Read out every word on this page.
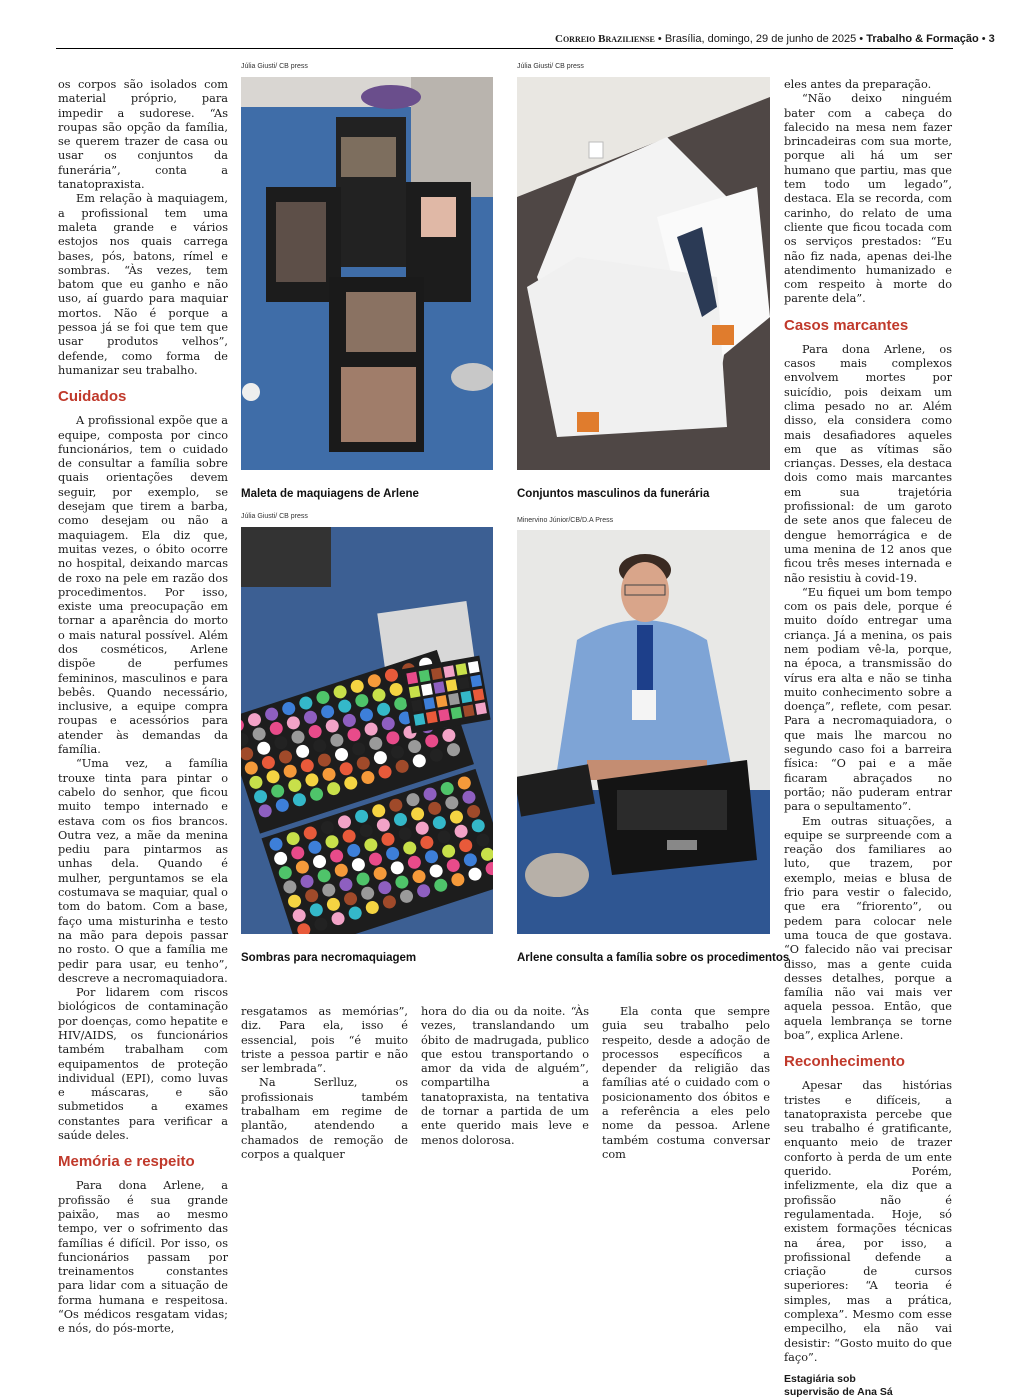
Correio Braziliense • Brasília, domingo, 29 de junho de 2025 • Trabalho & Formação • 3

os corpos são isolados com material próprio, para impedir a sudorese. “As roupas são opção da família, se querem trazer de casa ou usar os conjuntos da funerária”, conta a tanatopraxista.

Em relação à maquiagem, a profissional tem uma maleta grande e vários estojos nos quais carrega bases, pós, batons, rímel e sombras. “Às vezes, tem batom que eu ganho e não uso, aí guardo para maquiar mortos. Não é porque a pessoa já se foi que tem que usar produtos velhos”, defende, como forma de humanizar seu trabalho.

Cuidados

A profissional expõe que a equipe, composta por cinco funcionários, tem o cuidado de consultar a família sobre quais orientações devem seguir, por exemplo, se desejam que tirem a barba, como desejam ou não a maquiagem. Ela diz que, muitas vezes, o óbito ocorre no hospital, deixando marcas de roxo na pele em razão dos procedimentos. Por isso, existe uma preocupação em tornar a aparência do morto o mais natural possível. Além dos cosméticos, Arlene dispõe de perfumes femininos, masculinos e para bebês. Quando necessário, inclusive, a equipe compra roupas e acessórios para atender às demandas da família.

“Uma vez, a família trouxe tinta para pintar o cabelo do senhor, que ficou muito tempo internado e estava com os fios brancos. Outra vez, a mãe da menina pediu para pintarmos as unhas dela. Quando é mulher, perguntamos se ela costumava se maquiar, qual o tom do batom. Com a base, faço uma misturinha e testo na mão para depois passar no rosto. O que a família me pedir para usar, eu tenho”, descreve a necromaquiadora.

Por lidarem com riscos biológicos de contaminação por doenças, como hepatite e HIV/AIDS, os funcionários também trabalham com equipamentos de proteção individual (EPI), como luvas e máscaras, e são submetidos a exames constantes para verificar a saúde deles.

Memória e respeito

Para dona Arlene, a profissão é sua grande paixão, mas ao mesmo tempo, ver o sofrimento das famílias é difícil. Por isso, os funcionários passam por treinamentos constantes para lidar com a situação de forma humana e respeitosa. “Os médicos resgatam vidas; e nós, do pós-morte,

Júlia Giusti/ CB press
Maleta de maquiagens de Arlene
Júlia Giusti/ CB press
Conjuntos masculinos da funerária
Júlia Giusti/ CB press
Sombras para necromaquiagem
Minervino Júnior/CB/D.A Press
Arlene consulta a família sobre os procedimentos

resgatamos as memórias”, diz. Para ela, isso é essencial, pois “é muito triste a pessoa partir e não ser lembrada”.

Na Serlluz, os profissionais também trabalham em regime de plantão, atendendo a chamados de remoção de corpos a qualquer

hora do dia ou da noite. “Às vezes, translandando um óbito de madrugada, publico que estou transportando o amor da vida de alguém”, compartilha a tanatopraxista, na tentativa de tornar a partida de um ente querido mais leve e menos dolorosa.

Ela conta que sempre guia seu trabalho pelo respeito, desde a adoção de processos específicos a depender da religião das famílias até o cuidado com o posicionamento dos óbitos e a referência a eles pelo nome da pessoa. Arlene também costuma conversar com

eles antes da preparação.

“Não deixo ninguém bater com a cabeça do falecido na mesa nem fazer brincadeiras com sua morte, porque ali há um ser humano que partiu, mas que tem todo um legado”, destaca. Ela se recorda, com carinho, do relato de uma cliente que ficou tocada com os serviços prestados: “Eu não fiz nada, apenas dei-lhe atendimento humanizado e com respeito à morte do parente dela”.

Casos marcantes

Para dona Arlene, os casos mais complexos envolvem mortes por suicídio, pois deixam um clima pesado no ar. Além disso, ela considera como mais desafiadores aqueles em que as vítimas são crianças. Desses, ela destaca dois como mais marcantes em sua trajetória profissional: de um garoto de sete anos que faleceu de dengue hemorrágica e de uma menina de 12 anos que ficou três meses internada e não resistiu à covid-19.

“Eu fiquei um bom tempo com os pais dele, porque é muito doído entregar uma criança. Já a menina, os pais nem podiam vê-la, porque, na época, a transmissão do vírus era alta e não se tinha muito conhecimento sobre a doença”, reflete, com pesar. Para a necromaquiadora, o que mais lhe marcou no segundo caso foi a barreira física: “O pai e a mãe ficaram abraçados no portão; não puderam entrar para o sepultamento”.

Em outras situações, a equipe se surpreende com a reação dos familiares ao luto, que trazem, por exemplo, meias e blusa de frio para vestir o falecido, que era “friorento”, ou pedem para colocar nele uma touca de que gostava. “O falecido não vai precisar disso, mas a gente cuida desses detalhes, porque a família não vai mais ver aquela pessoa. Então, que aquela lembrança se torne boa”, explica Arlene.

Reconhecimento

Apesar das histórias tristes e difíceis, a tanatopraxista percebe que seu trabalho é gratificante, enquanto meio de trazer conforto à perda de um ente querido. Porém, infelizmente, ela diz que a profissão não é regulamentada. Hoje, só existem formações técnicas na área, por isso, a profissional defende a criação de cursos superiores: “A teoria é simples, mas a prática, complexa”. Mesmo com esse empecilho, ela não vai desistir: “Gosto muito do que faço”.

Estagiária sob
supervisão de Ana Sá
